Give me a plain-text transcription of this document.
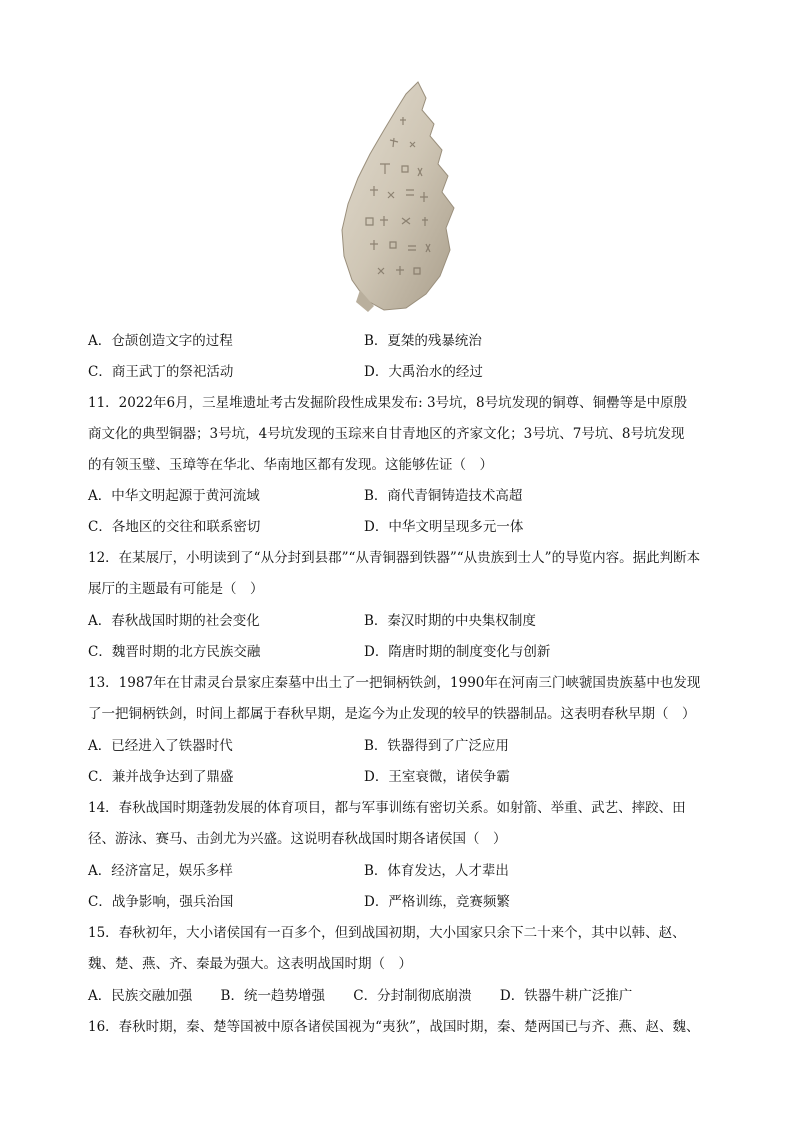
A．仓颉创造文字的过程	B．夏桀的残暴统治
C．商王武丁的祭祀活动	D．大禹治水的经过
11．2022年6月，三星堆遗址考古发掘阶段性成果发布: 3号坑，8号坑发现的铜尊、铜罍等是中原殷
商文化的典型铜器；3号坑，4号坑发现的玉琮来自甘青地区的齐家文化；3号坑、7号坑、8号坑发现
的有领玉璧、玉璋等在华北、华南地区都有发现。这能够佐证（　）
A．中华文明起源于黄河流域	B．商代青铜铸造技术高超
C．各地区的交往和联系密切	D．中华文明呈现多元一体
12．在某展厅，小明读到了“从分封到县郡”“从青铜器到铁器”“从贵族到士人”的导览内容。据此判断本
展厅的主题最有可能是（　）
A．春秋战国时期的社会变化	B．秦汉时期的中央集权制度
C．魏晋时期的北方民族交融	D．隋唐时期的制度变化与创新
13．1987年在甘肃灵台景家庄秦墓中出土了一把铜柄铁剑，1990年在河南三门峡虢国贵族墓中也发现
了一把铜柄铁剑，时间上都属于春秋早期，是迄今为止发现的较早的铁器制品。这表明春秋早期（　）
A．已经进入了铁器时代	B．铁器得到了广泛应用
C．兼并战争达到了鼎盛	D．王室衰微，诸侯争霸
14．春秋战国时期蓬勃发展的体育项目，都与军事训练有密切关系。如射箭、举重、武艺、摔跤、田
径、游泳、赛马、击剑尤为兴盛。这说明春秋战国时期各诸侯国（　）
A．经济富足，娱乐多样	B．体育发达，人才辈出
C．战争影响，强兵治国	D．严格训练，竞赛频繁
15．春秋初年，大小诸侯国有一百多个，但到战国初期，大小国家只余下二十来个，其中以韩、赵、
魏、楚、燕、齐、秦最为强大。这表明战国时期（　）
A．民族交融加强 B．统一趋势增强 C．分封制彻底崩溃 D．铁器牛耕广泛推广
16．春秋时期，秦、楚等国被中原各诸侯国视为“夷狄”，战国时期，秦、楚两国已与齐、燕、赵、魏、
